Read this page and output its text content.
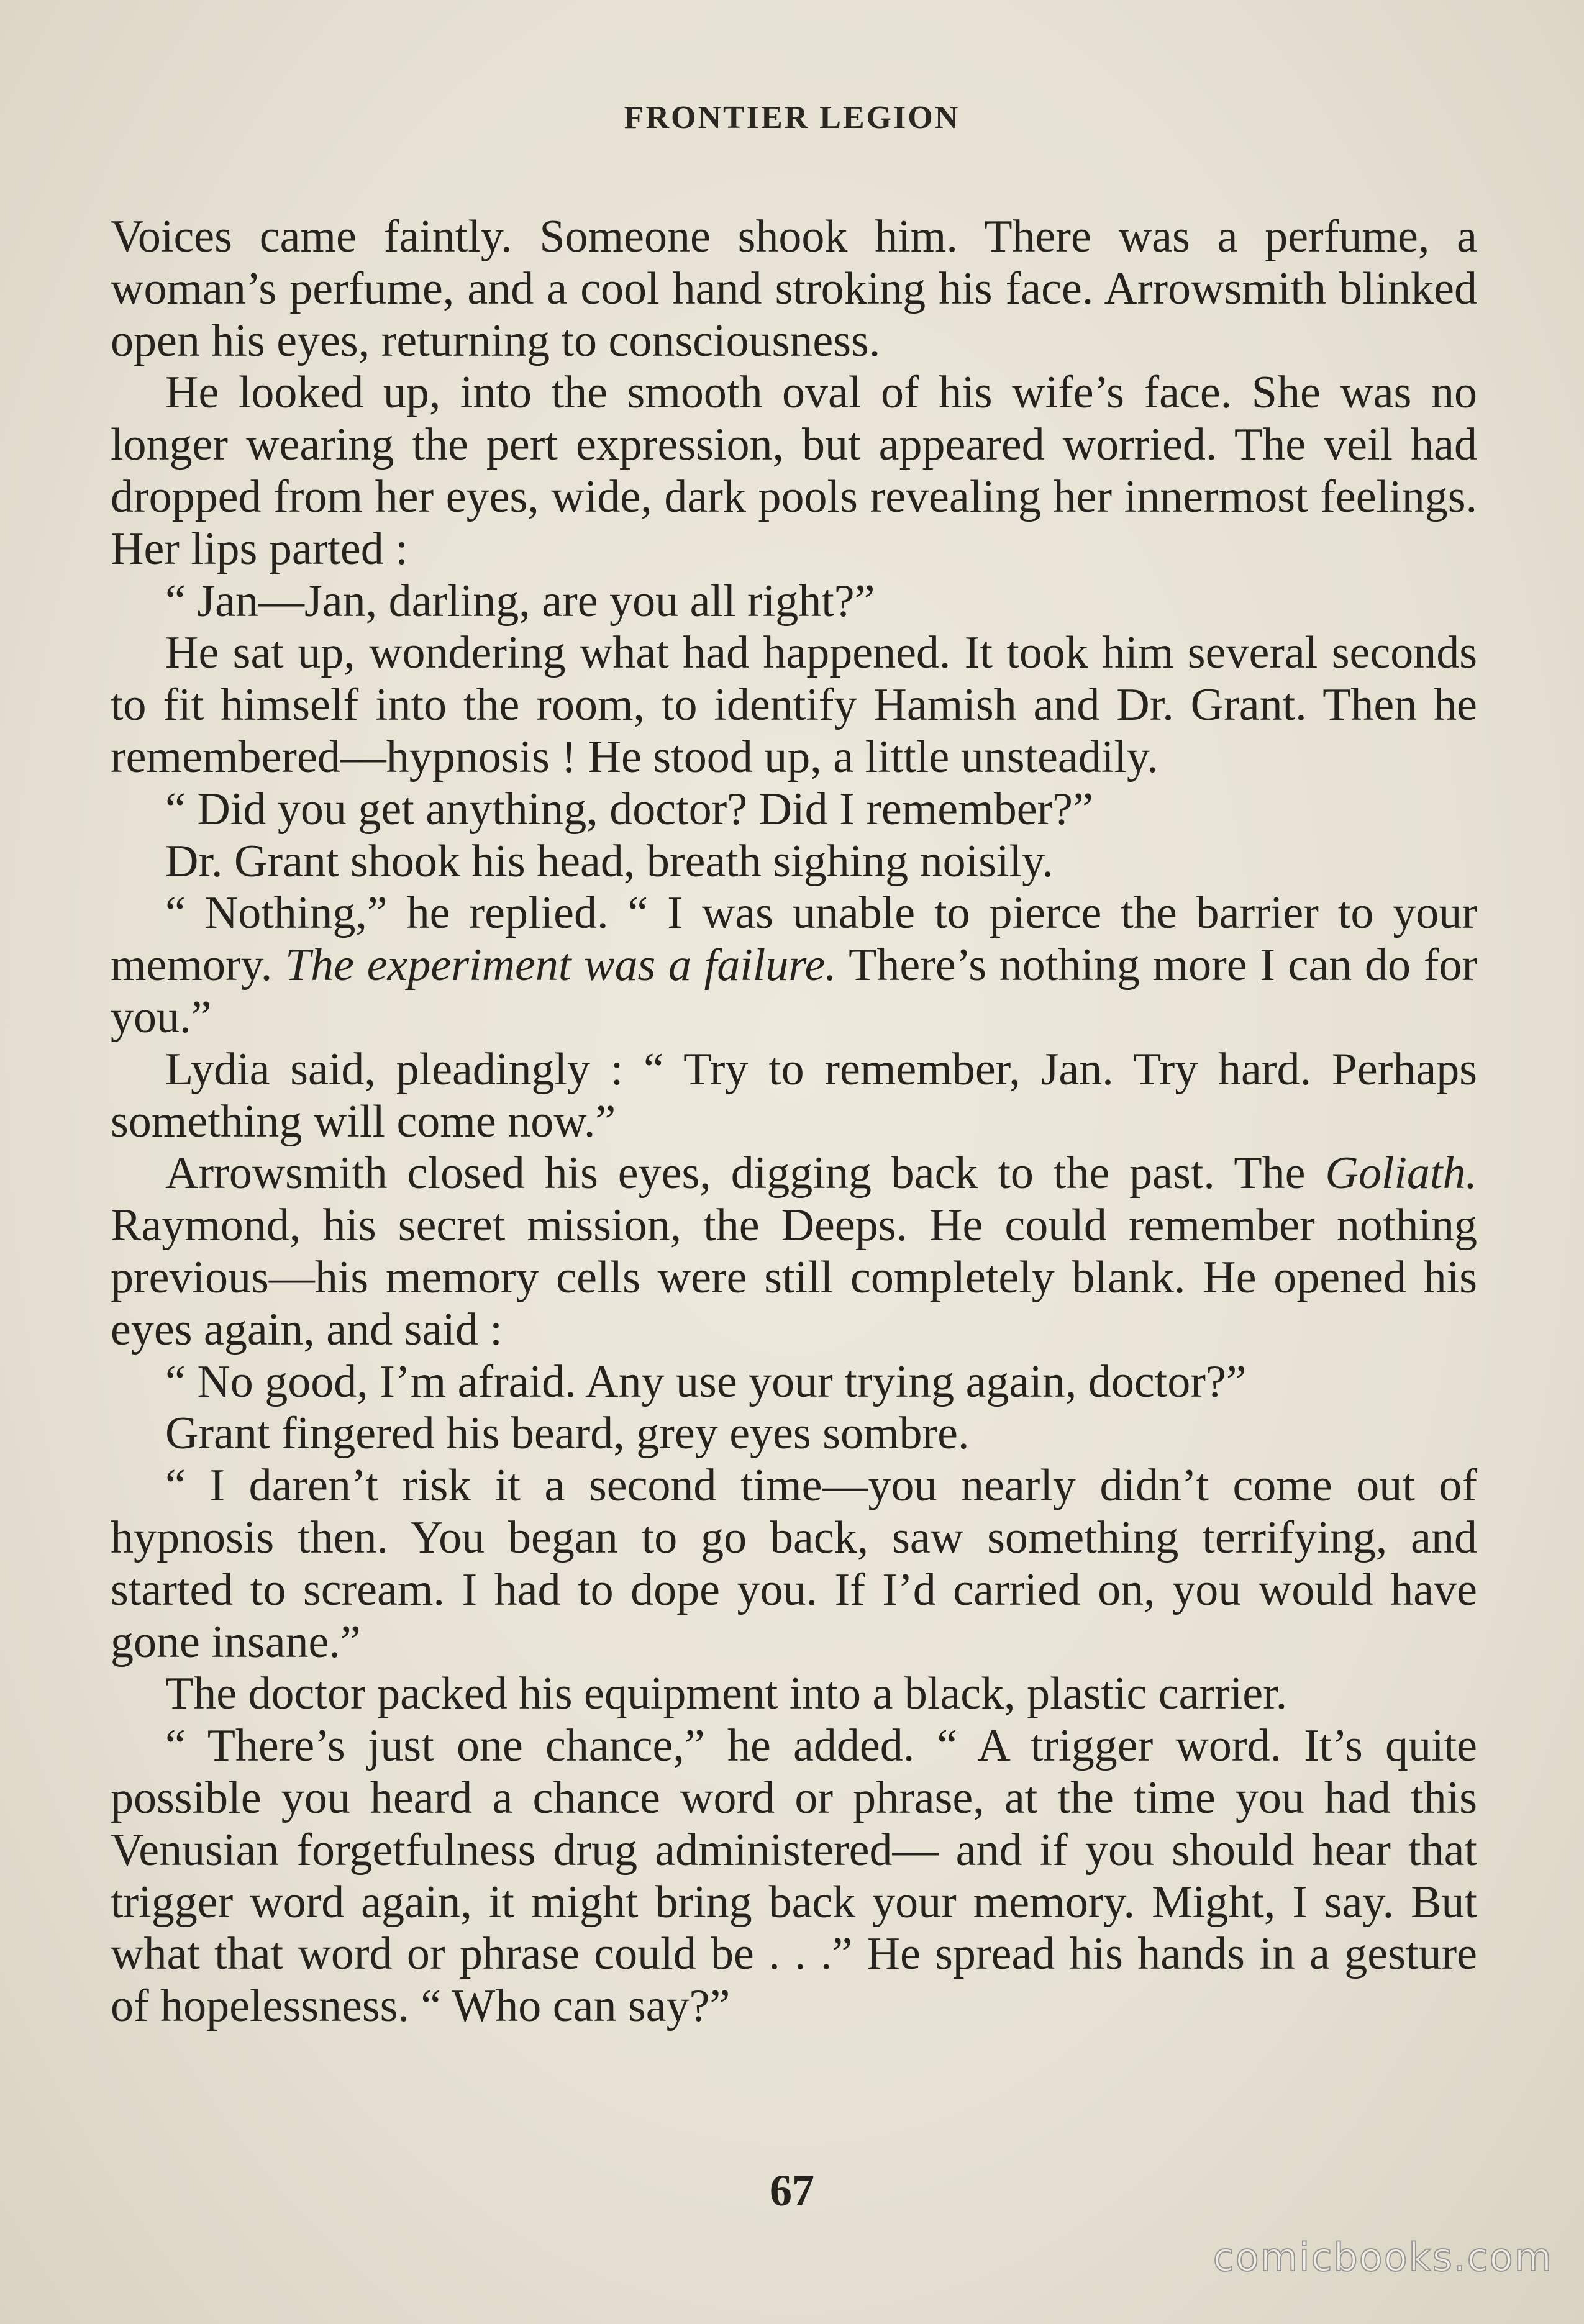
FRONTIER LEGION

Voices came faintly. Someone shook him. There was a perfume, a woman’s perfume, and a cool hand stroking his face. Arrowsmith blinked open his eyes, returning to consciousness.

He looked up, into the smooth oval of his wife’s face. She was no longer wearing the pert expression, but appeared worried. The veil had dropped from her eyes, wide, dark pools revealing her innermost feelings. Her lips parted :

“ Jan—Jan, darling, are you all right?”

He sat up, wondering what had happened. It took him several seconds to fit himself into the room, to identify Hamish and Dr. Grant. Then he remembered—hypnosis ! He stood up, a little unsteadily.

“ Did you get anything, doctor? Did I remember?”

Dr. Grant shook his head, breath sighing noisily.

“ Nothing,” he replied. “ I was unable to pierce the barrier to your memory. The experiment was a failure. There’s nothing more I can do for you.”

Lydia said, pleadingly : “ Try to remember, Jan. Try hard. Perhaps something will come now.”

Arrowsmith closed his eyes, digging back to the past. The Goliath. Raymond, his secret mission, the Deeps. He could remember nothing previous—his memory cells were still completely blank. He opened his eyes again, and said :

“ No good, I’m afraid. Any use your trying again, doctor?”

Grant fingered his beard, grey eyes sombre.

“ I daren’t risk it a second time—you nearly didn’t come out of hypnosis then. You began to go back, saw something terrifying, and started to scream. I had to dope you. If I’d carried on, you would have gone insane.”

The doctor packed his equipment into a black, plastic carrier.

“ There’s just one chance,” he added. “ A trigger word. It’s quite possible you heard a chance word or phrase, at the time you had this Venusian forgetfulness drug administered— and if you should hear that trigger word again, it might bring back your memory. Might, I say. But what that word or phrase could be . . .” He spread his hands in a gesture of hopelessness. “ Who can say?”

67
comicbooks.com
